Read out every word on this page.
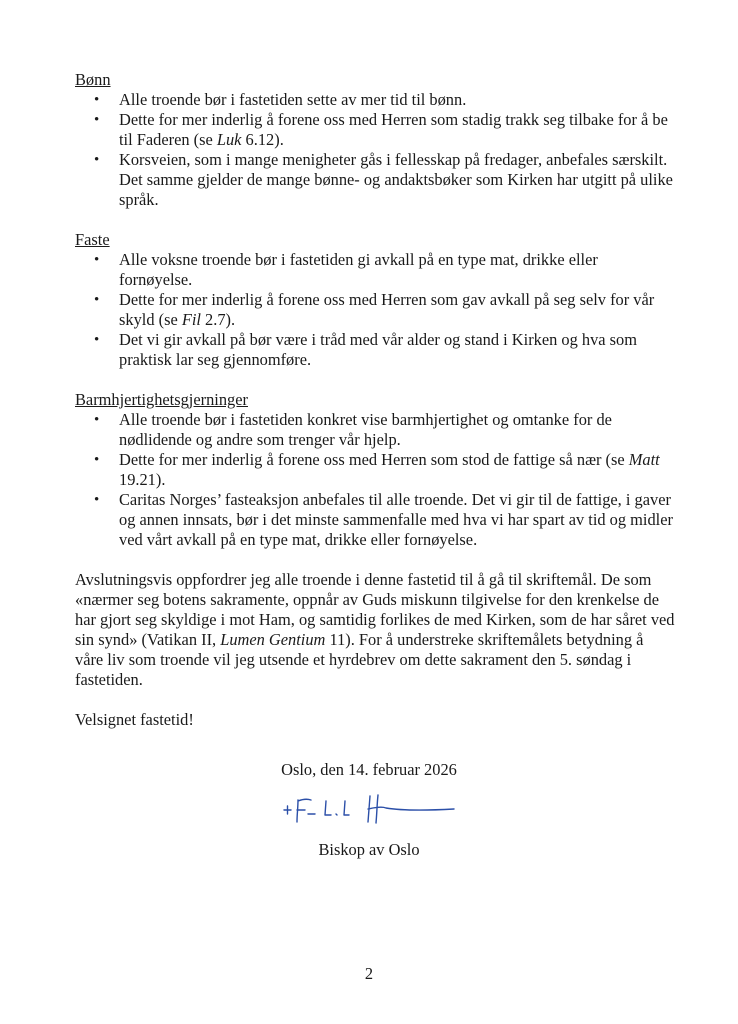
Bønn

• Alle troende bør i fastetiden sette av mer tid til bønn.
• Dette for mer inderlig å forene oss med Herren som stadig trakk seg tilbake for å be til Faderen (se Luk 6.12).
• Korsveien, som i mange menigheter gås i fellesskap på fredager, anbefales særskilt. Det samme gjelder de mange bønne- og andaktsbøker som Kirken har utgitt på ulike språk.

Faste

• Alle voksne troende bør i fastetiden gi avkall på en type mat, drikke eller fornøyelse.
• Dette for mer inderlig å forene oss med Herren som gav avkall på seg selv for vår skyld (se Fil 2.7).
• Det vi gir avkall på bør være i tråd med vår alder og stand i Kirken og hva som praktisk lar seg gjennomføre.

Barmhjertighetsgjerninger

• Alle troende bør i fastetiden konkret vise barmhjertighet og omtanke for de nødlidende og andre som trenger vår hjelp.
• Dette for mer inderlig å forene oss med Herren som stod de fattige så nær (se Matt 19.21).
• Caritas Norges’ fasteaksjon anbefales til alle troende. Det vi gir til de fattige, i gaver og annen innsats, bør i det minste sammenfalle med hva vi har spart av tid og midler ved vårt avkall på en type mat, drikke eller fornøyelse.

Avslutningsvis oppfordrer jeg alle troende i denne fastetid til å gå til skriftemål. De som «nærmer seg botens sakramente, oppnår av Guds miskunn tilgivelse for den krenkelse de har gjort seg skyldige i mot Ham, og samtidig forlikes de med Kirken, som de har såret ved sin synd» (Vatikan II, Lumen Gentium 11). For å understreke skriftemålets betydning å våre liv som troende vil jeg utsende et hyrdebrev om dette sakrament den 5. søndag i fastetiden.

Velsignet fastetid!

Oslo, den 14. februar 2026
Biskop av Oslo
2
